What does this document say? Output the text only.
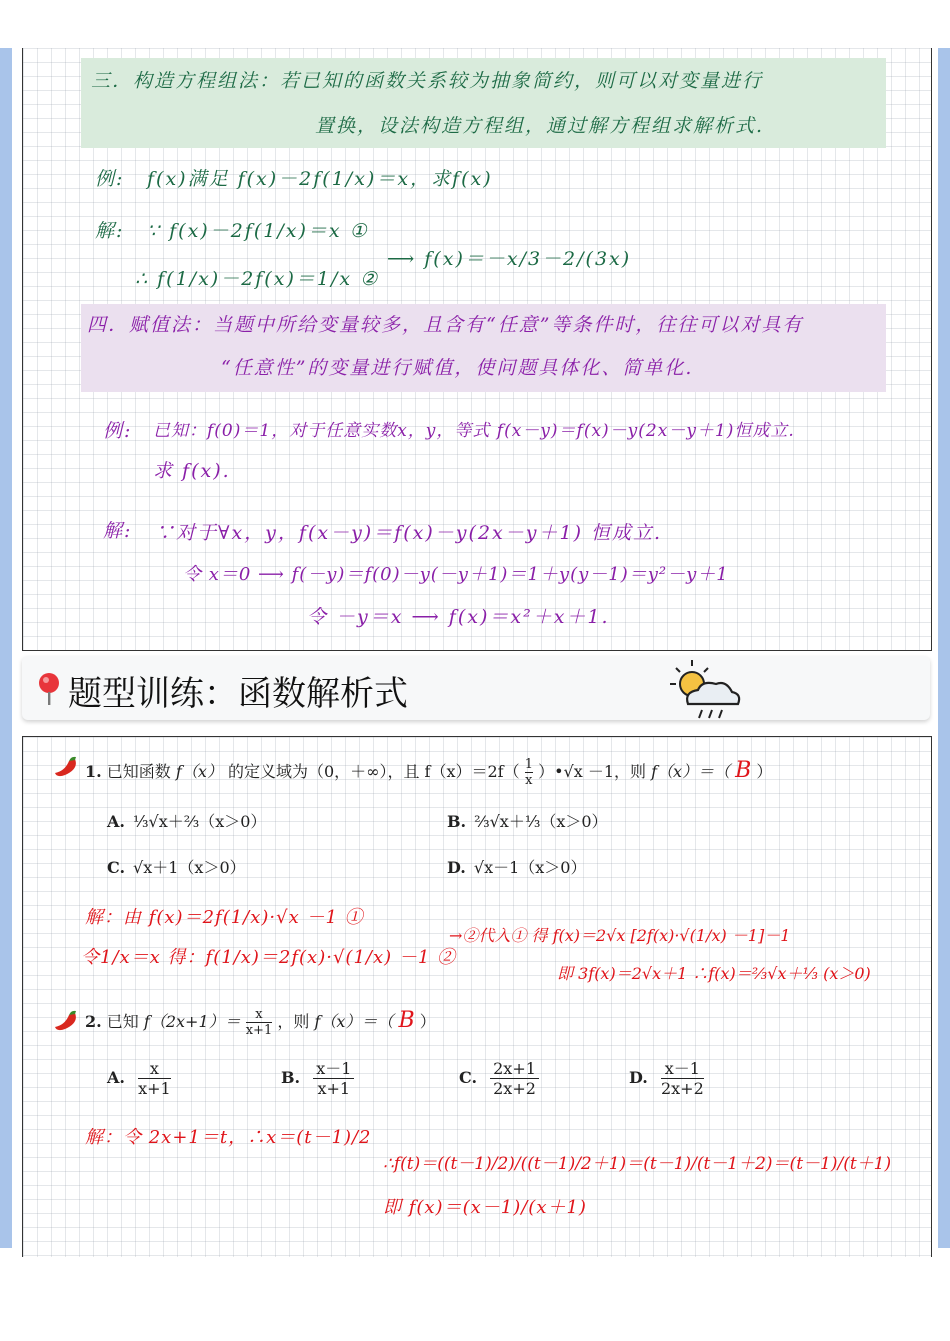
三．构造方程组法：若已知的函数关系较为抽象简约，则可以对变量进行
置换，设法构造方程组，通过解方程组求解析式.
例: f(x)满足 f(x)－2f(1/x)＝x，求f(x)
解: ∵ f(x)－2f(1/x)＝x ①
∴ f(1/x)－2f(x)＝1/x ②
⟶ f(x)＝－x/3－2/(3x)
四．赋值法：当题中所给变量较多，且含有“任意”等条件时，往往可以对具有
“任意性”的变量进行赋值，使问题具体化、简单化.
例: 已知：f(0)＝1，对于任意实数x，y，等式 f(x－y)＝f(x)－y(2x－y＋1)恒成立.
求 f(x).
解: ∵对于∀x，y，f(x－y)＝f(x)－y(2x－y＋1) 恒成立.
令 x＝0 ⟶ f(－y)＝f(0)－y(－y＋1)＝1＋y(y－1)＝y²－y＋1
令 －y＝x ⟶ f(x)＝x²＋x＋1.
题型训练：函数解析式
1. 已知函数 f（x） 的定义域为（0，＋∞），且 $f(x)=2f( \frac{1}{x}$ ）•√x －1，则 f（x）＝（ B ）
A. ⅓√x＋⅔（x＞0）	B. ⅔√x＋⅓（x＞0）
C. √x＋1（x＞0）	D. √x－1（x＞0）
解：由 f(x)＝2f(1/x)·√x －1 ①
令1/x＝x 得：f(1/x)＝2f(x)·√(1/x) －1 ②
→②代入① 得 f(x)＝2√x [2f(x)·√(1/x) －1]－1
即 3f(x)＝2√x＋1 ∴f(x)＝⅔√x＋⅓ (x＞0)
2. 已知 $f(2x+1)= \frac{x}{x+1}$ ，则 f（x）＝（ B ）
A. $\frac{x}{x+1}$	B. $\frac{x-1}{x+1}$	C. $\frac{2x+1}{2x+2}$	D. $\frac{x-1}{2x+2}$
解：令 2x+1＝t，∴x＝(t－1)/2
∴f(t)＝((t－1)/2)/((t－1)/2＋1)＝(t－1)/(t－1＋2)＝(t－1)/(t＋1)
即 f(x)＝(x－1)/(x＋1)
